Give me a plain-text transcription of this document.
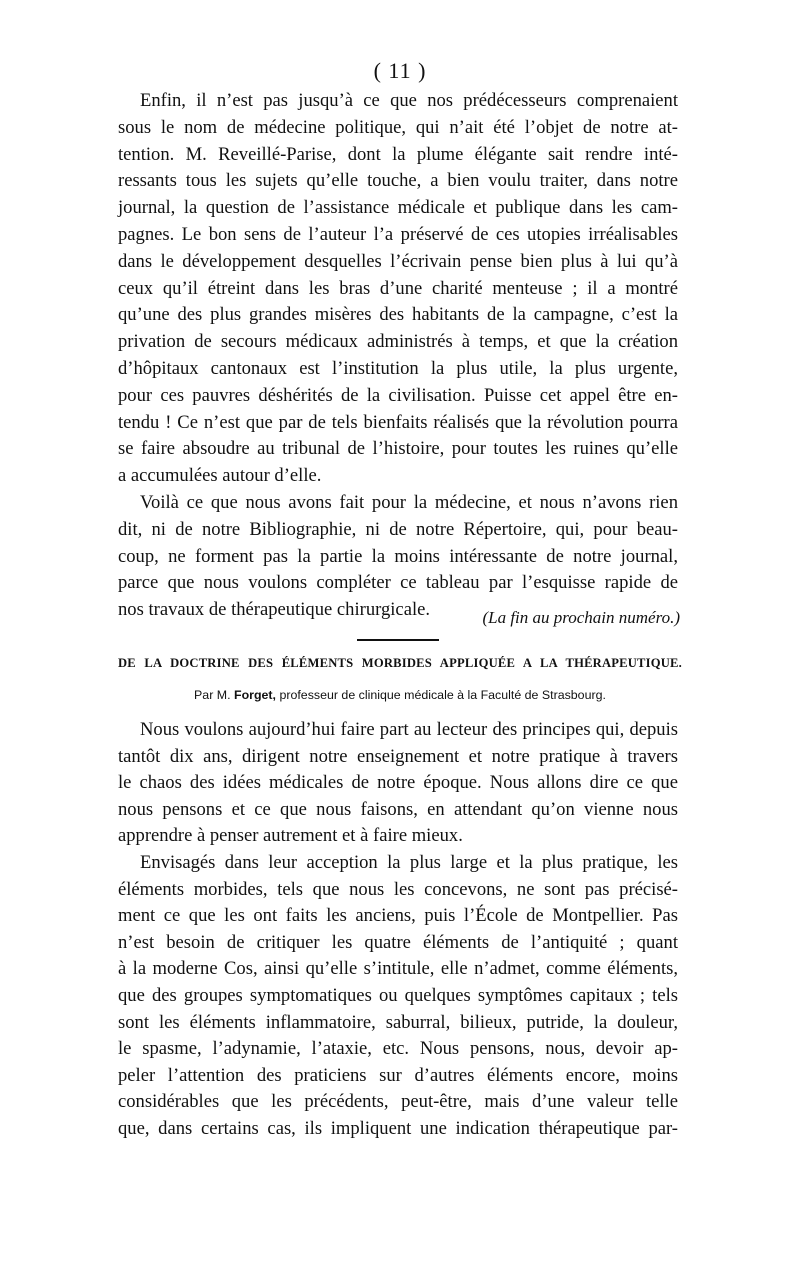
( 11 )
Enfin, il n’est pas jusqu’à ce que nos prédécesseurs comprenaient
sous le nom de médecine politique, qui n’ait été l’objet de notre at-
tention. M. Reveillé-Parise, dont la plume élégante sait rendre inté-
ressants tous les sujets qu’elle touche, a bien voulu traiter, dans notre
journal, la question de l’assistance médicale et publique dans les cam-
pagnes. Le bon sens de l’auteur l’a préservé de ces utopies irréalisables
dans le développement desquelles l’écrivain pense bien plus à lui qu’à
ceux qu’il étreint dans les bras d’une charité menteuse ; il a montré
qu’une des plus grandes misères des habitants de la campagne, c’est la
privation de secours médicaux administrés à temps, et que la création
d’hôpitaux cantonaux est l’institution la plus utile, la plus urgente,
pour ces pauvres déshérités de la civilisation. Puisse cet appel être en-
tendu ! Ce n’est que par de tels bienfaits réalisés que la révolution pourra
se faire absoudre au tribunal de l’histoire, pour toutes les ruines qu’elle
a accumulées autour d’elle.
Voilà ce que nous avons fait pour la médecine, et nous n’avons rien
dit, ni de notre Bibliographie, ni de notre Répertoire, qui, pour beau-
coup, ne forment pas la partie la moins intéressante de notre journal,
parce que nous voulons compléter ce tableau par l’esquisse rapide de
nos travaux de thérapeutique chirurgicale.	(La fin au prochain numéro.)
DE LA DOCTRINE DES ÉLÉMENTS MORBIDES APPLIQUÉE A LA THÉRAPEUTIQUE.
Par M. Forget, professeur de clinique médicale à la Faculté de Strasbourg.
Nous voulons aujourd’hui faire part au lecteur des principes qui, depuis
tantôt dix ans, dirigent notre enseignement et notre pratique à travers
le chaos des idées médicales de notre époque. Nous allons dire ce que
nous pensons et ce que nous faisons, en attendant qu’on vienne nous
apprendre à penser autrement et à faire mieux.
Envisagés dans leur acception la plus large et la plus pratique, les
éléments morbides, tels que nous les concevons, ne sont pas précisé-
ment ce que les ont faits les anciens, puis l’École de Montpellier. Pas
n’est besoin de critiquer les quatre éléments de l’antiquité ; quant
à la moderne Cos, ainsi qu’elle s’intitule, elle n’admet, comme éléments,
que des groupes symptomatiques ou quelques symptômes capitaux ; tels
sont les éléments inflammatoire, saburral, bilieux, putride, la douleur,
le spasme, l’adynamie, l’ataxie, etc. Nous pensons, nous, devoir ap-
peler l’attention des praticiens sur d’autres éléments encore, moins
considérables que les précédents, peut-être, mais d’une valeur telle
que, dans certains cas, ils impliquent une indication thérapeutique par-
